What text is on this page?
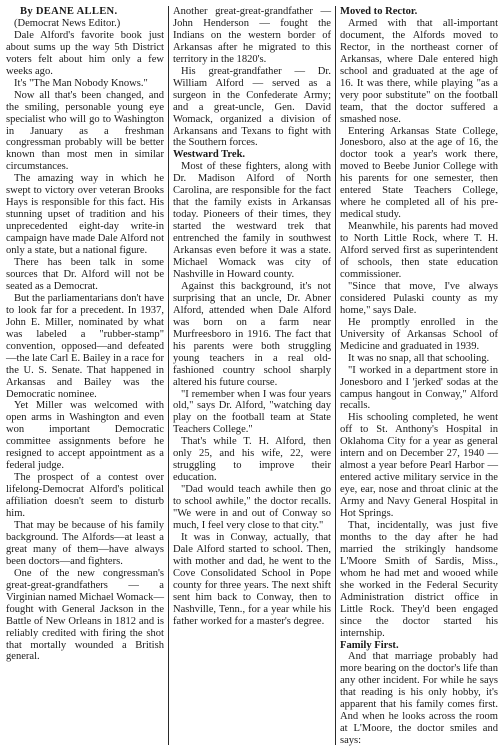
By DEANE ALLEN.
(Democrat News Editor.)

Dale Alford's favorite book just about sums up the way 5th District voters felt about him only a few weeks ago.

It's "The Man Nobody Knows."

Now all that's been changed, and the smiling, personable young eye specialist who will go to Washington in January as a freshman congressman probably will be better known than most men in similar circumstances.

The amazing way in which he swept to victory over veteran Brooks Hays is responsible for this fact. His stunning upset of tradition and his unprecedented eight-day write-in campaign have made Dale Alford not only a state, but a national figure.

There has been talk in some sources that Dr. Alford will not be seated as a Democrat.

But the parliamentarians don't have to look far for a precedent. In 1937, John E. Miller, nominated by what was labeled a "rubber-stamp" convention, opposed—and defeated—the late Carl E. Bailey in a race for the U. S. Senate. That happened in Arkansas and Bailey was the Democratic nominee.

Yet Miller was welcomed with open arms in Washington and even won important Democratic committee assignments before he resigned to accept appointment as a federal judge.

The prospect of a contest over lifelong-Democrat Alford's political affiliation doesn't seem to disturb him.

That may be because of his family background. The Alfords—at least a great many of them—have always been doctors—and fighters.

One of the new congressman's great-great-grandfathers — a Virginian named Michael Womack—fought with General Jackson in the Battle of New Orleans in 1812 and is reliably credited with firing the shot that mortally wounded a British general.

Another great-great-grandfather — John Henderson — fought the Indians on the western border of Arkansas after he migrated to this territory in the 1820's.

His great-grandfather — Dr. William Alford — served as a surgeon in the Confederate Army; and a great-uncle, Gen. David Womack, organized a division of Arkansans and Texans to fight with the Southern forces.

Westward Trek.

Most of these fighters, along with Dr. Madison Alford of North Carolina, are responsible for the fact that the family exists in Arkansas today. Pioneers of their times, they started the westward trek that entrenched the family in southwest Arkansas even before it was a state. Michael Womack was city of Nashville in Howard county.

Against this background, it's not surprising that an uncle, Dr. Abner Alford, attended when Dale Alford was born on a farm near Murfreesboro in 1916. The fact that his parents were both struggling young teachers in a real old-fashioned country school sharply altered his future course.

"I remember when I was four years old," says Dr. Alford, "watching day play on the football team at State Teachers College."

That's while T. H. Alford, then only 25, and his wife, 22, were struggling to improve their education.

"Dad would teach awhile then go to school awhile," the doctor recalls. "We were in and out of Conway so much, I feel very close to that city."

It was in Conway, actually, that Dale Alford started to school. Then, with mother and dad, he went to the Cove Consolidated School in Pope county for three years. The next shift sent him back to Conway, then to Nashville, Tenn., for a year while his father worked for a master's degree.

Moved to Rector.

Armed with that all-important document, the Alfords moved to Rector, in the northeast corner of Arkansas, where Dale entered high school and graduated at the age of 16. It was there, while playing "as a very poor substitute" on the football team, that the doctor suffered a smashed nose.

Entering Arkansas State College, Jonesboro, also at the age of 16, the doctor took a year's work there, moved to Beebe Junior College with his parents for one semester, then entered State Teachers College, where he completed all of his pre-medical study.

Meanwhile, his parents had moved to North Little Rock, where T. H. Alford served first as superintendent of schools, then state education commissioner.

"Since that move, I've always considered Pulaski county as my home," says Dale.

He promptly enrolled in the University of Arkansas School of Medicine and graduated in 1939.

It was no snap, all that schooling.

"I worked in a department store in Jonesboro and I 'jerked' sodas at the campus hangout in Conway," Alford recalls.

His schooling completed, he went off to St. Anthony's Hospital in Oklahoma City for a year as general intern and on December 27, 1940 — almost a year before Pearl Harbor — entered active military service in the eye, ear, nose and throat clinic at the Army and Navy General Hospital in Hot Springs.

That, incidentally, was just five months to the day after he had married the strikingly handsome L'Moore Smith of Sardis, Miss., whom he had met and wooed while she worked in the Federal Security Administration district office in Little Rock. They'd been engaged since the doctor started his internship.

Family First.

And that marriage probably had more bearing on the doctor's life than any other incident. For while he says that reading is his only hobby, it's apparent that his family comes first. And when he looks across the room at L'Moore, the doctor smiles and says:
